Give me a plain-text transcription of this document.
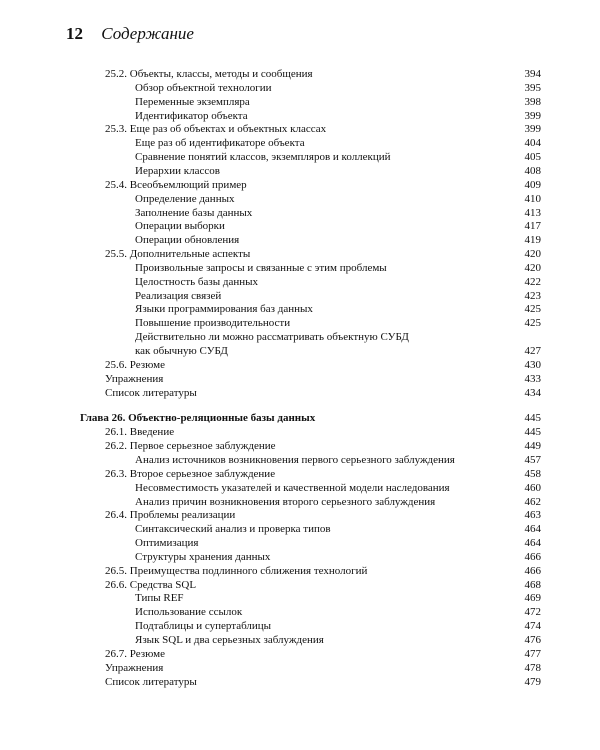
12 Содержание
25.2. Объекты, классы, методы и сообщения	394
Обзор объектной технологии	395
Переменные экземпляра	398
Идентификатор объекта	399
25.3. Еще раз об объектах и объектных классах	399
Еще раз об идентификаторе объекта	404
Сравнение понятий классов, экземпляров и коллекций	405
Иерархии классов	408
25.4. Всеобъемлющий пример	409
Определение данных	410
Заполнение базы данных	413
Операции выборки	417
Операции обновления	419
25.5. Дополнительные аспекты	420
Произвольные запросы и связанные с этим проблемы	420
Целостность базы данных	422
Реализация связей	423
Языки программирования баз данных	425
Повышение производительности	425
Действительно ли можно рассматривать объектную СУБД
как обычную СУБД	427
25.6. Резюме	430
Упражнения	433
Список литературы	434
Глава 26. Объектно-реляционные базы данных	445
26.1. Введение	445
26.2. Первое серьезное заблуждение	449
Анализ источников возникновения первого серьезного заблуждения	457
26.3. Второе серьезное заблуждение	458
Несовместимость указателей и качественной модели наследования	460
Анализ причин возникновения второго серьезного заблуждения	462
26.4. Проблемы реализации	463
Синтаксический анализ и проверка типов	464
Оптимизация	464
Структуры хранения данных	466
26.5. Преимущества подлинного сближения технологий	466
26.6. Средства SQL	468
Типы REF	469
Использование ссылок	472
Подтаблицы и супертаблицы	474
Язык SQL и два серьезных заблуждения	476
26.7. Резюме	477
Упражнения	478
Список литературы	479
